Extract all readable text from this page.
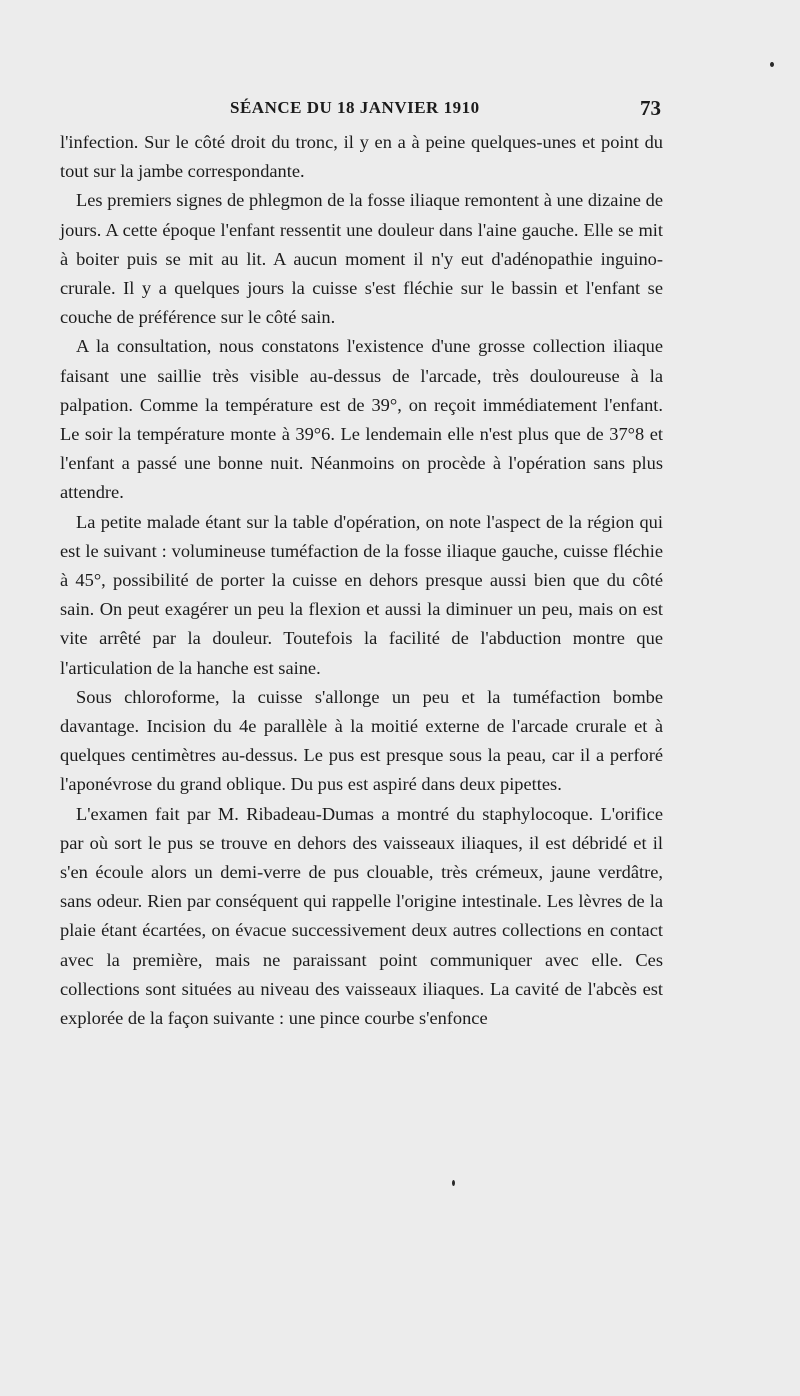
SÉANCE DU 18 JANVIER 1910	73

l'infection. Sur le côté droit du tronc, il y en a à peine quelques-unes et point du tout sur la jambe correspondante.

Les premiers signes de phlegmon de la fosse iliaque remontent à une dizaine de jours. A cette époque l'enfant ressentit une douleur dans l'aine gauche. Elle se mit à boiter puis se mit au lit. A aucun moment il n'y eut d'adénopathie inguino-crurale. Il y a quelques jours la cuisse s'est fléchie sur le bassin et l'enfant se couche de préférence sur le côté sain.

A la consultation, nous constatons l'existence d'une grosse collection iliaque faisant une saillie très visible au-dessus de l'arcade, très douloureuse à la palpation. Comme la température est de 39°, on reçoit immédiatement l'enfant. Le soir la température monte à 39°6. Le lendemain elle n'est plus que de 37°8 et l'enfant a passé une bonne nuit. Néanmoins on procède à l'opération sans plus attendre.

La petite malade étant sur la table d'opération, on note l'aspect de la région qui est le suivant : volumineuse tuméfaction de la fosse iliaque gauche, cuisse fléchie à 45°, possibilité de porter la cuisse en dehors presque aussi bien que du côté sain. On peut exagérer un peu la flexion et aussi la diminuer un peu, mais on est vite arrêté par la douleur. Toutefois la facilité de l'abduction montre que l'articulation de la hanche est saine.

Sous chloroforme, la cuisse s'allonge un peu et la tuméfaction bombe davantage. Incision du 4e parallèle à la moitié externe de l'arcade crurale et à quelques centimètres au-dessus. Le pus est presque sous la peau, car il a perforé l'aponévrose du grand oblique. Du pus est aspiré dans deux pipettes.

L'examen fait par M. Ribadeau-Dumas a montré du staphylocoque. L'orifice par où sort le pus se trouve en dehors des vaisseaux iliaques, il est débridé et il s'en écoule alors un demi-verre de pus clouable, très crémeux, jaune verdâtre, sans odeur. Rien par conséquent qui rappelle l'origine intestinale. Les lèvres de la plaie étant écartées, on évacue successivement deux autres collections en contact avec la première, mais ne paraissant point communiquer avec elle. Ces collections sont situées au niveau des vaisseaux iliaques. La cavité de l'abcès est explorée de la façon suivante : une pince courbe s'enfonce
